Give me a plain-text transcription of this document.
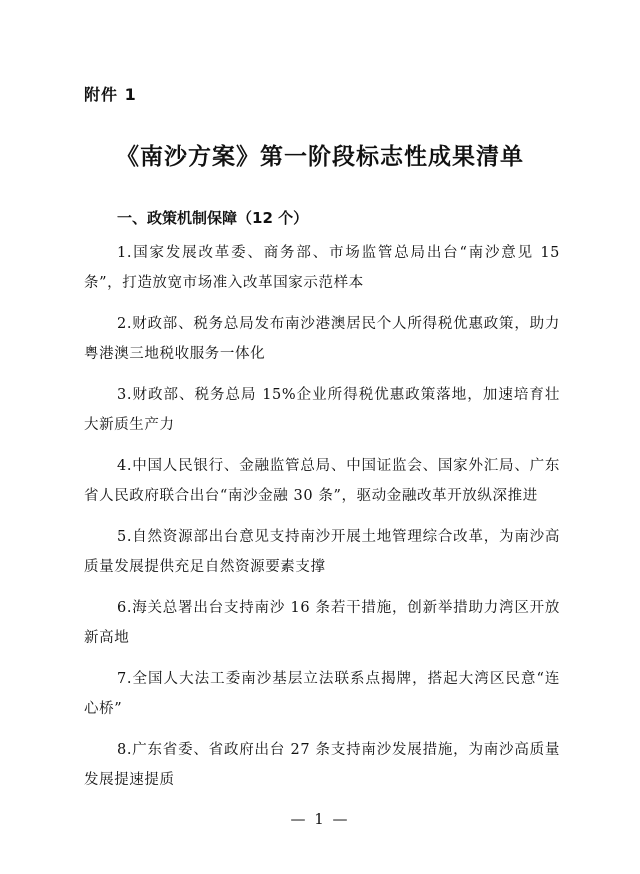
附件 1
《南沙方案》第一阶段标志性成果清单
一、政策机制保障（12 个）
1.国家发展改革委、商务部、市场监管总局出台“南沙意见 15 条”，打造放宽市场准入改革国家示范样本
2.财政部、税务总局发布南沙港澳居民个人所得税优惠政策，助力粤港澳三地税收服务一体化
3.财政部、税务总局 15%企业所得税优惠政策落地，加速培育壮大新质生产力
4.中国人民银行、金融监管总局、中国证监会、国家外汇局、广东省人民政府联合出台“南沙金融 30 条”，驱动金融改革开放纵深推进
5.自然资源部出台意见支持南沙开展土地管理综合改革，为南沙高质量发展提供充足自然资源要素支撑
6.海关总署出台支持南沙 16 条若干措施，创新举措助力湾区开放新高地
7.全国人大法工委南沙基层立法联系点揭牌，搭起大湾区民意“连心桥”
8.广东省委、省政府出台 27 条支持南沙发展措施，为南沙高质量发展提速提质
— 1 —
